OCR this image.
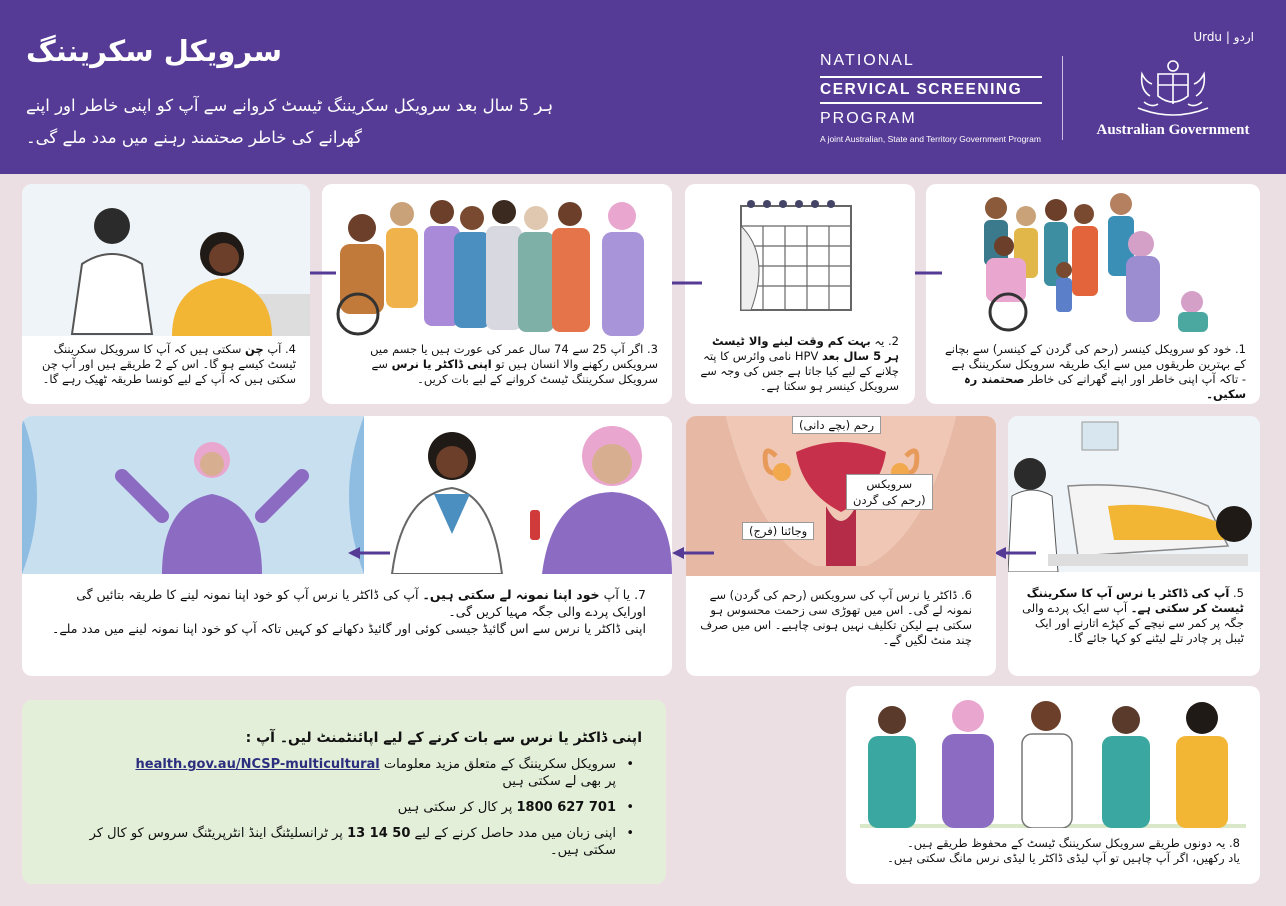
سرویکل سکریننگ
ہر 5 سال بعد سرویکل سکریننگ ٹیسٹ کروانے سے آپ کو اپنی خاطر اور اپنے گھرانے کی خاطر صحتمند رہنے میں مدد ملے گی۔
Urdu | اردو
NATIONAL
CERVICAL SCREENING
PROGRAM
A joint Australian, State and Territory Government Program
Australian Government
1. خود کو سرویکل کینسر (رحم کی گردن کے کینسر) سے بچانے کے بہترین طریقوں میں سے ایک طریقہ سرویکل سکریننگ ہے - تاکہ آپ اپنی خاطر اور اپنے گھرانے کی خاطر صحتمند رہ سکیں۔
2. یہ بہت کم وقت لینے والا ٹیسٹ ہر 5 سال بعد HPV نامی وائرس کا پتہ چلانے کے لیے کیا جاتا ہے جس کی وجہ سے سرویکل کینسر ہو سکتا ہے۔
3. اگر آپ 25 سے 74 سال عمر کی عورت ہیں یا جسم میں سرویکس رکھنے والا انسان ہیں تو اپنی ڈاکٹر یا نرس سے سرویکل سکریننگ ٹیسٹ کروانے کے لیے بات کریں۔
4. آپ چن سکتی ہیں کہ آپ کا سرویکل سکریننگ ٹیسٹ کیسے ہو گا۔ اس کے 2 طریقے ہیں اور آپ چن سکتی ہیں کہ آپ کے لیے کونسا طریقہ ٹھیک رہے گا۔
5. آپ کی ڈاکٹر یا نرس آپ کا سکریننگ ٹیسٹ کر سکتی ہے۔ آپ سے ایک پردے والی جگہ پر کمر سے نیچے کے کپڑے اتارنے اور ایک ٹیبل پر چادر تلے لیٹنے کو کہا جائے گا۔
رحم (بچے دانی)
سرویکس
(رحم کی گردن
وجائنا (فرج)
6. ڈاکٹر یا نرس آپ کی سرویکس (رحم کی گردن) سے نمونہ لے گی۔ اس میں تھوڑی سی زحمت محسوس ہو سکتی ہے لیکن تکلیف نہیں ہونی چاہیے۔ اس میں صرف چند منٹ لگیں گے۔
7. یا آپ خود اپنا نمونہ لے سکتی ہیں۔ آپ کی ڈاکٹر یا نرس آپ کو خود اپنا نمونہ لینے کا طریقہ بتائیں گی اورایک پردے والی جگہ مہیا کریں گی۔
اپنی ڈاکٹر یا نرس سے اس گائیڈ جیسی کوئی اور گائیڈ دکھانے کو کہیں تاکہ آپ کو خود اپنا نمونہ لینے میں مدد ملے۔
اپنی ڈاکٹر یا نرس سے بات کرنے کے لیے اپائنٹمنٹ لیں۔ آپ :
• سرویکل سکریننگ کے متعلق مزید معلومات health.gov.au/NCSP-multicultural
پر بھی لے سکتی ہیں
• 1800 627 701 پر کال کر سکتی ہیں
• اپنی زبان میں مدد حاصل کرنے کے لیے 13 14 50 پر ٹرانسلیٹنگ اینڈ انٹرپریٹنگ سروس کو کال کر سکتی ہیں۔	8. یہ دونوں طریقے سرویکل سکریننگ ٹیسٹ کے محفوظ طریقے ہیں۔
یاد رکھیں، اگر آپ چاہیں تو آپ لیڈی ڈاکٹر یا لیڈی نرس مانگ سکتی ہیں۔
